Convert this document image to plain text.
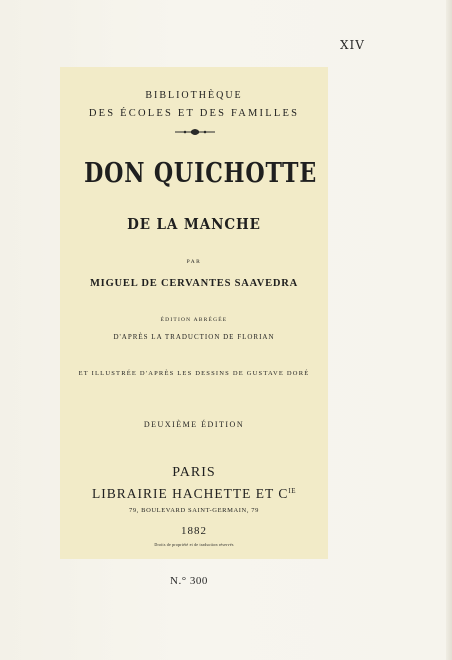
XIV
BIBLIOTHÈQUE
DES ÉCOLES ET DES FAMILLES
DON QUICHOTTE
DE LA MANCHE
PAR
MIGUEL DE CERVANTES SAAVEDRA
ÉDITION ABRÉGÉE
D'APRÈS LA TRADUCTION DE FLORIAN
ET ILLUSTRÉE D'APRÈS LES DESSINS DE GUSTAVE DORÉ
DEUXIÈME ÉDITION
PARIS
LIBRAIRIE HACHETTE ET $C^{IE}$
79, BOULEVARD SAINT-GERMAIN, 79
1882
Droits de propriété et de traduction réservés
N.° 300
